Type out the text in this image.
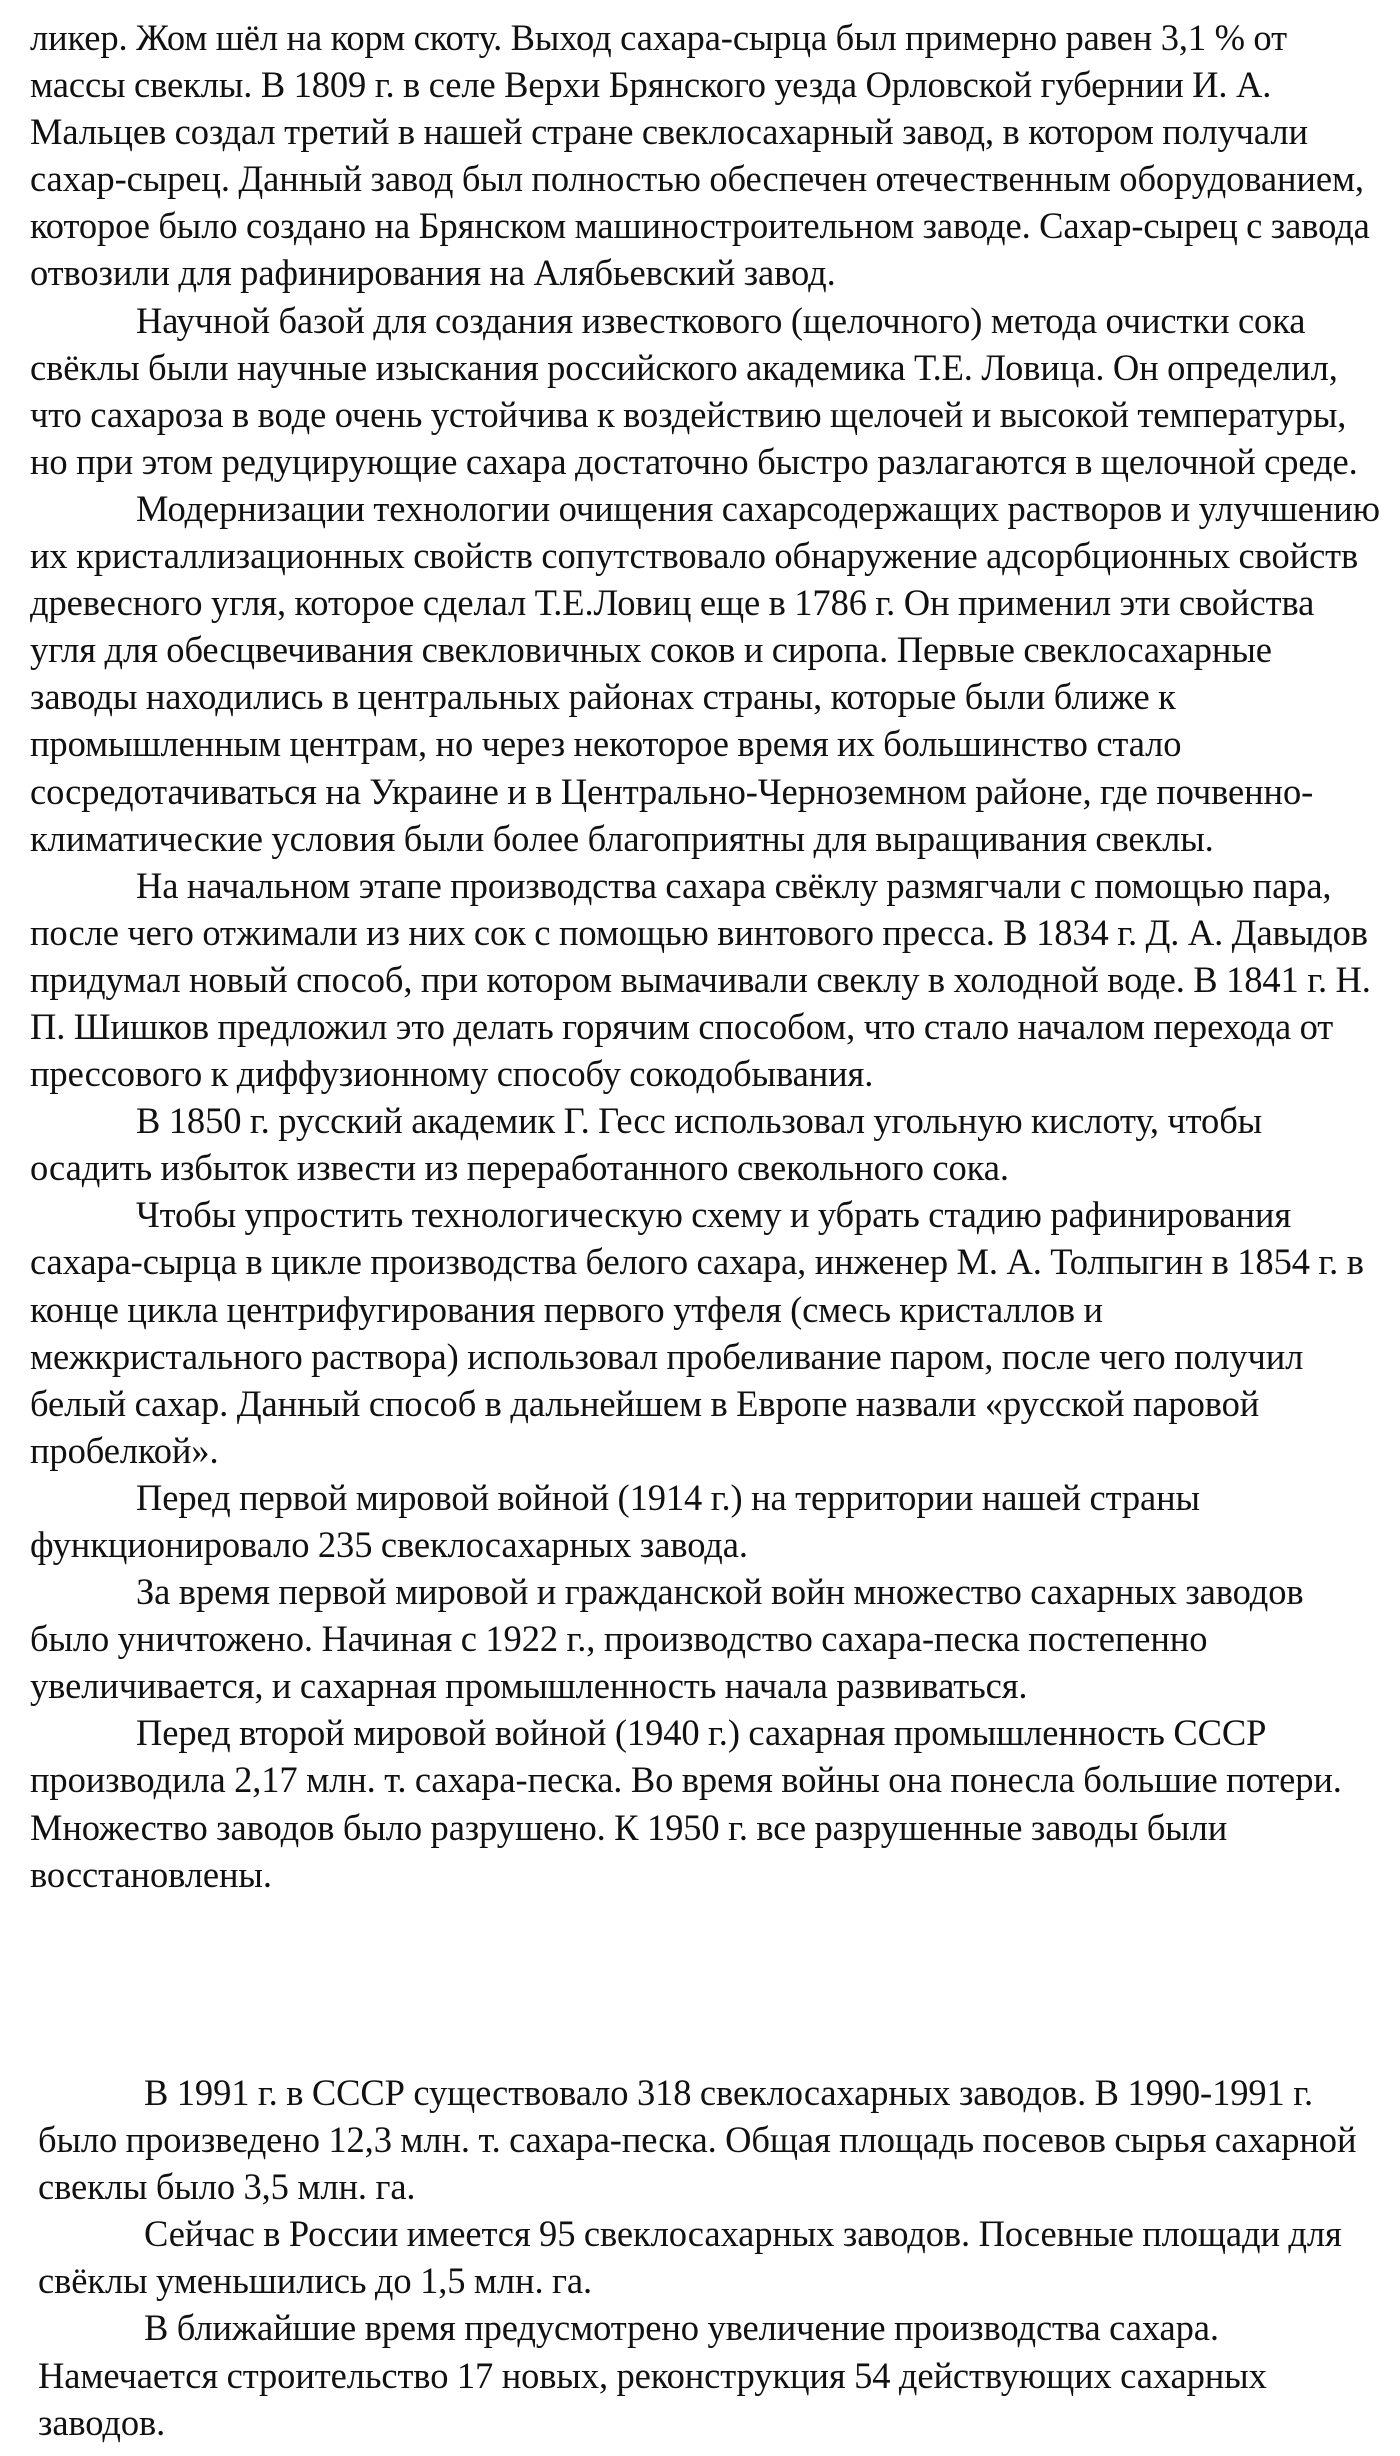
ликер. Жом шёл на корм скоту. Выход сахара-сырца был примерно равен 3,1 % от массы свеклы. В 1809 г. в селе Верхи Брянского уезда Орловской губернии И. А. Мальцев создал третий в нашей стране свеклосахарный завод, в котором получали сахар-сырец. Данный завод был полностью обеспечен отечественным оборудованием, которое было создано на Брянском машиностроительном заводе. Сахар-сырец с завода отвозили для рафинирования на Алябьевский завод.

Научной базой для создания известкового (щелочного) метода очистки сока свёклы были научные изыскания российского академика Т.Е. Ловица. Он определил, что сахароза в воде очень устойчива к воздействию щелочей и высокой температуры, но при этом редуцирующие сахара достаточно быстро разлагаются в щелочной среде.

Модернизации технологии очищения сахарсодержащих растворов и улучшению их кристаллизационных свойств сопутствовало обнаружение адсорбционных свойств древесного угля, которое сделал Т.Е.Ловиц еще в 1786 г. Он применил эти свойства угля для обесцвечивания свекловичных соков и сиропа. Первые свеклосахарные заводы находились в центральных районах страны, которые были ближе к промышленным центрам, но через некоторое время их большинство стало сосредотачиваться на Украине и в Центрально-Черноземном районе, где почвенно-климатические условия были более благоприятны для выращивания свеклы.

На начальном этапе производства сахара свёклу размягчали с помощью пара, после чего отжимали из них сок с помощью винтового пресса. В 1834 г. Д. А. Давыдов придумал новый способ, при котором вымачивали свеклу в холодной воде. В 1841 г. Н. П. Шишков предложил это делать горячим способом, что стало началом перехода от прессового к диффузионному способу сокодобывания.

В 1850 г. русский академик Г. Гесс использовал угольную кислоту, чтобы осадить избыток извести из переработанного свекольного сока.

Чтобы упростить технологическую схему и убрать стадию рафинирования сахара-сырца в цикле производства белого сахара, инженер М. А. Толпыгин в 1854 г. в конце цикла центрифугирования первого утфеля (смесь кристаллов и межкристального раствора) использовал пробеливание паром, после чего получил белый сахар. Данный способ в дальнейшем в Европе назвали «русской паровой пробелкой».

Перед первой мировой войной (1914 г.) на территории нашей страны функционировало 235 свеклосахарных завода.

За время первой мировой и гражданской войн множество сахарных заводов было уничтожено. Начиная с 1922 г., производство сахара-песка постепенно увеличивается, и сахарная промышленность начала развиваться.

Перед второй мировой войной (1940 г.) сахарная промышленность СССР производила 2,17 млн. т. сахара-песка. Во время войны она понесла большие потери. Множество заводов было разрушено. К 1950 г. все разрушенные заводы были восстановлены.

В 1991 г. в СССР существовало 318 свеклосахарных заводов. В 1990-1991 г. было произведено 12,3 млн. т. сахара-песка. Общая площадь посевов сырья сахарной свеклы было 3,5 млн. га.

Сейчас в России имеется 95 свеклосахарных заводов. Посевные площади для свёклы уменьшились до 1,5 млн. га.

В ближайшие время предусмотрено увеличение производства сахара. Намечается строительство 17 новых, реконструкция 54 действующих сахарных заводов.
